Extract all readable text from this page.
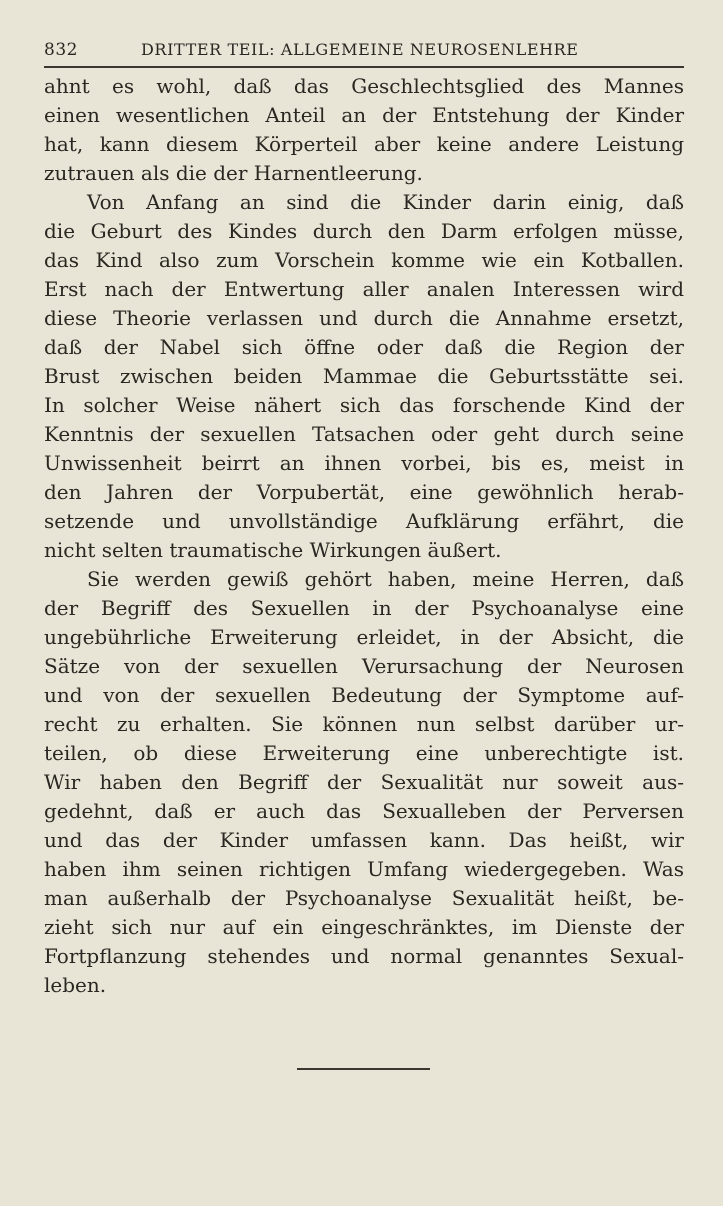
832	DRITTER TEIL: ALLGEMEINE NEUROSENLEHRE
ahnt es wohl, daß das Geschlechtsglied des Mannes
einen wesentlichen Anteil an der Entstehung der Kinder
hat, kann diesem Körperteil aber keine andere Leistung
zutrauen als die der Harnentleerung.
Von Anfang an sind die Kinder darin einig, daß
die Geburt des Kindes durch den Darm erfolgen müsse,
das Kind also zum Vorschein komme wie ein Kotballen.
Erst nach der Entwertung aller analen Interessen wird
diese Theorie verlassen und durch die Annahme ersetzt,
daß der Nabel sich öffne oder daß die Region der
Brust zwischen beiden Mammae die Geburtsstätte sei.
In solcher Weise nähert sich das forschende Kind der
Kenntnis der sexuellen Tatsachen oder geht durch seine
Unwissenheit beirrt an ihnen vorbei, bis es, meist in
den Jahren der Vorpubertät, eine gewöhnlich herab-
setzende und unvollständige Aufklärung erfährt, die
nicht selten traumatische Wirkungen äußert.
Sie werden gewiß gehört haben, meine Herren, daß
der Begriff des Sexuellen in der Psychoanalyse eine
ungebührliche Erweiterung erleidet, in der Absicht, die
Sätze von der sexuellen Verursachung der Neurosen
und von der sexuellen Bedeutung der Symptome auf-
recht zu erhalten. Sie können nun selbst darüber ur-
teilen, ob diese Erweiterung eine unberechtigte ist.
Wir haben den Begriff der Sexualität nur soweit aus-
gedehnt, daß er auch das Sexualleben der Perversen
und das der Kinder umfassen kann. Das heißt, wir
haben ihm seinen richtigen Umfang wiedergegeben. Was
man außerhalb der Psychoanalyse Sexualität heißt, be-
zieht sich nur auf ein eingeschränktes, im Dienste der
Fortpflanzung stehendes und normal genanntes Sexual-
leben.
